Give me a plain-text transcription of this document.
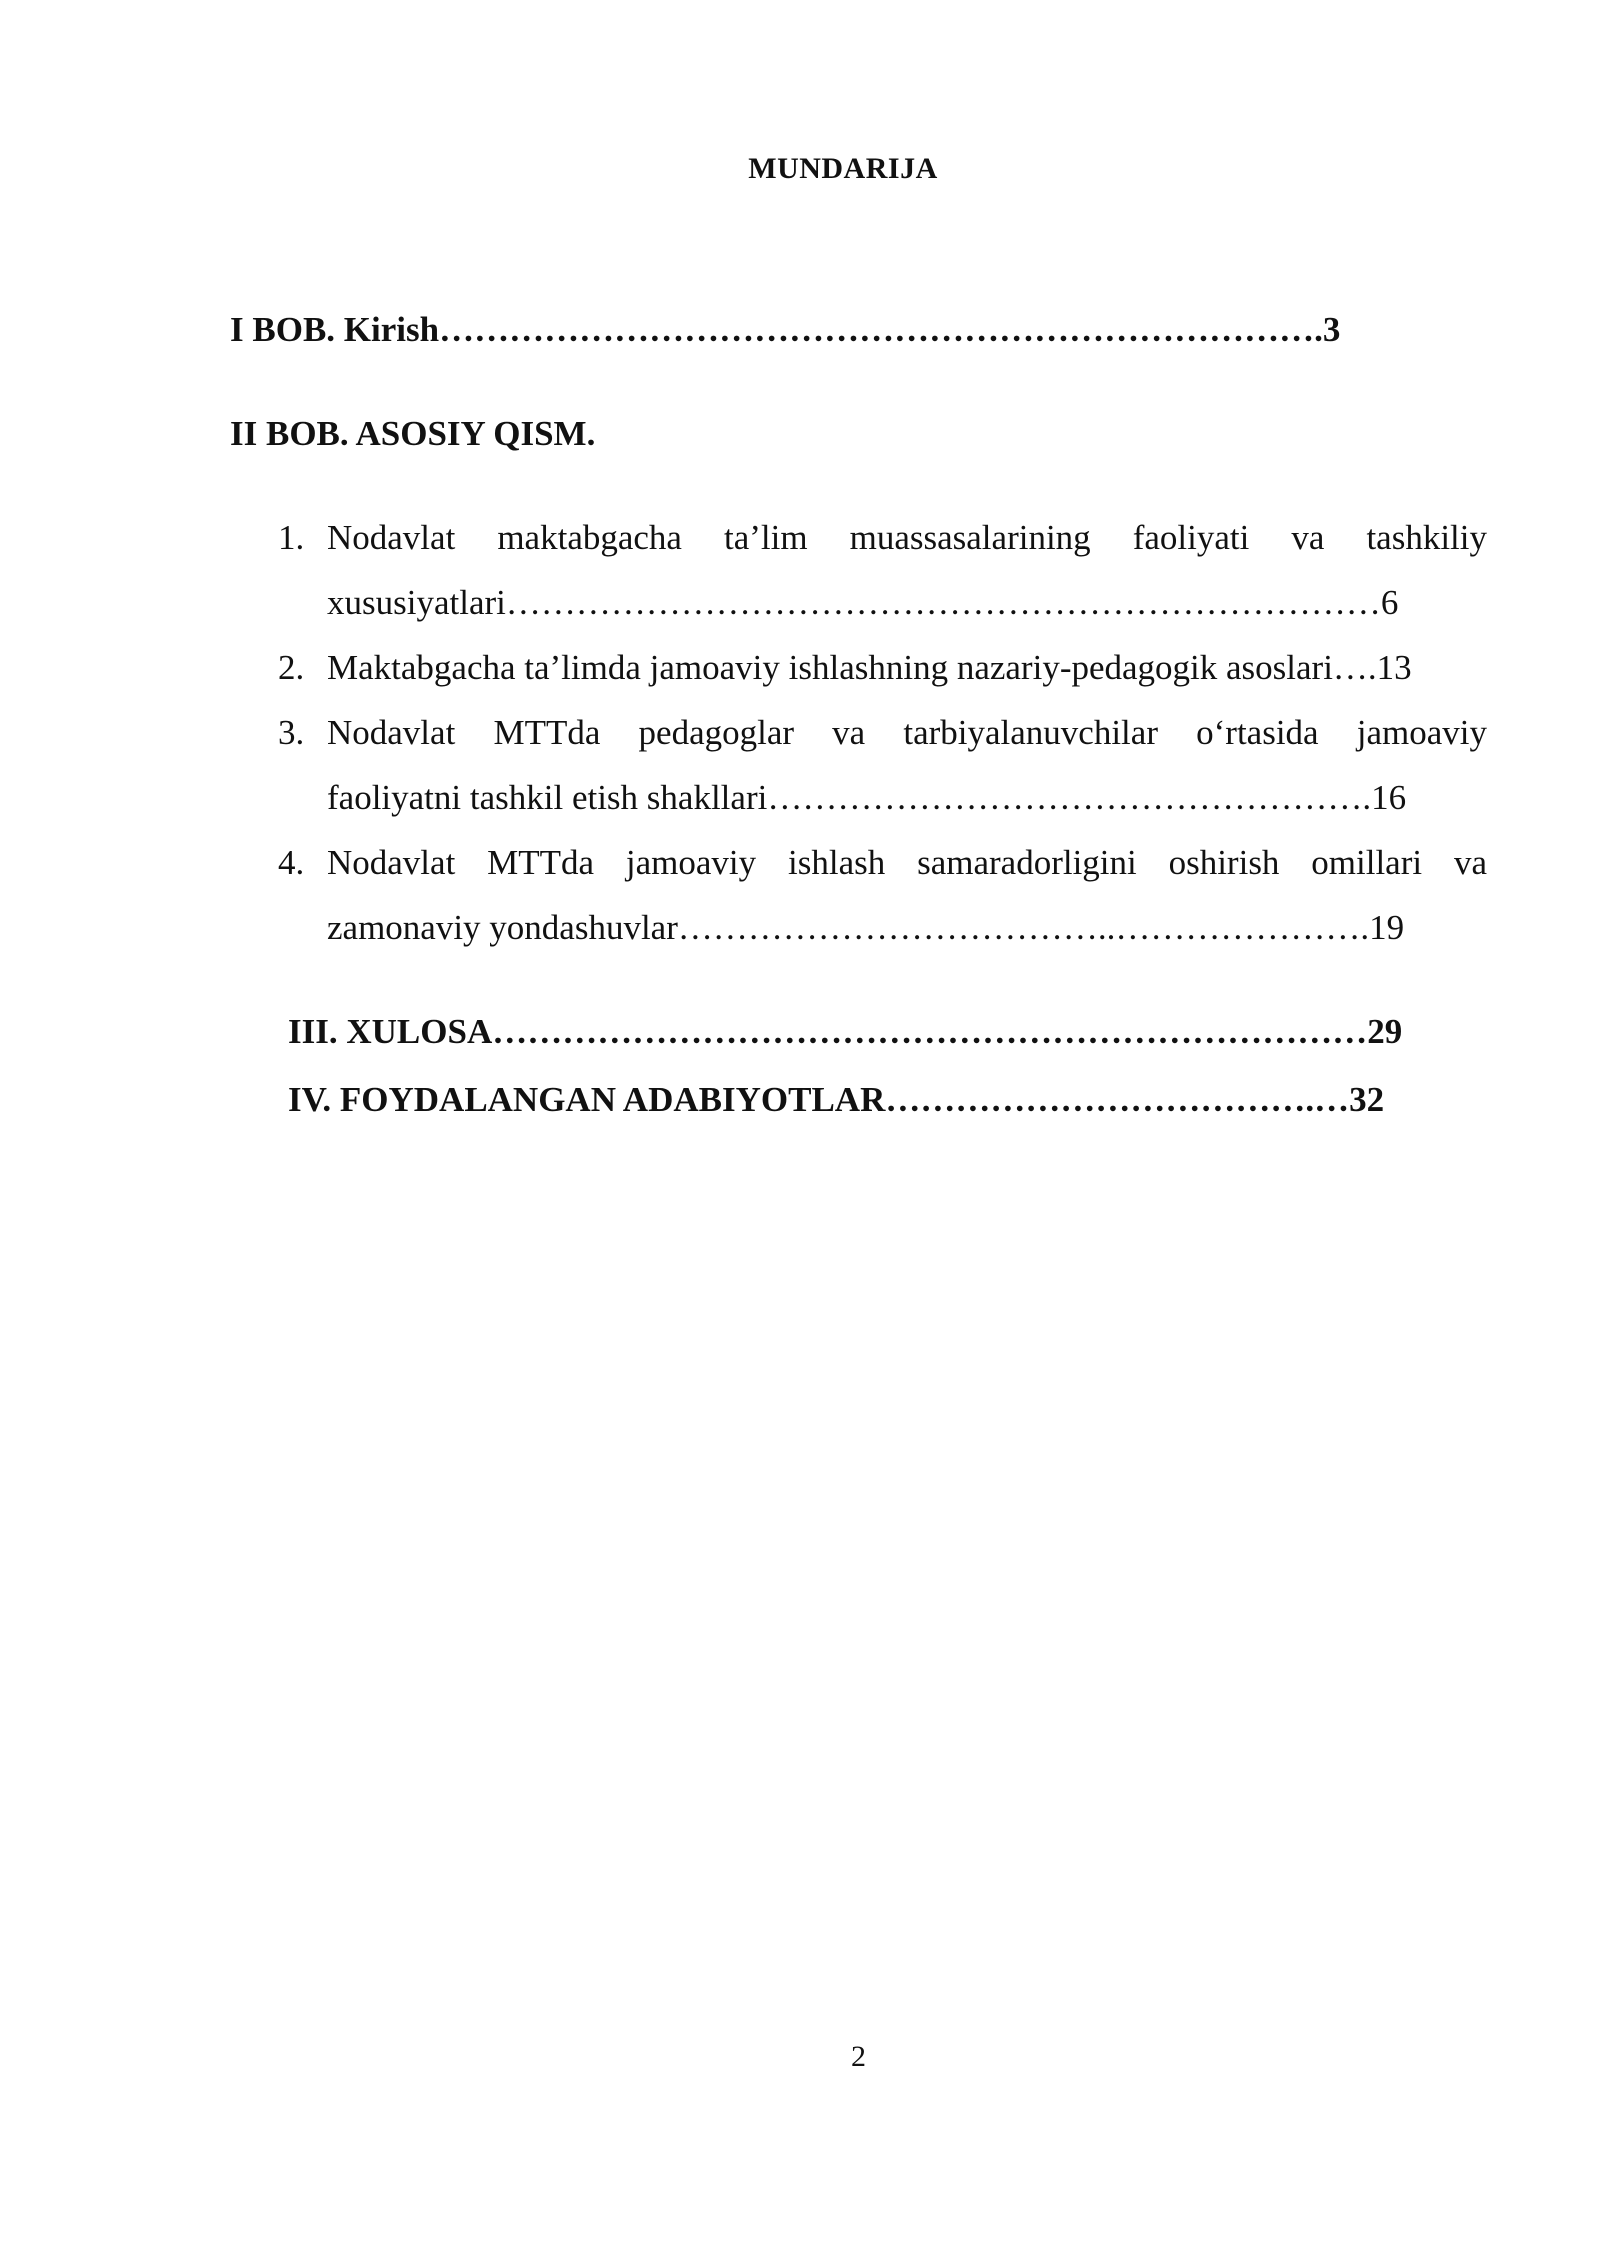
MUNDARIJA
I BOB. Kirish………………………………………………………………….3
II BOB. ASOSIY QISM.
1. Nodavlat maktabgacha ta’lim muassasalarining faoliyati va tashkiliy
xususiyatlari…………………………………………………………………6
2. Maktabgacha ta’limda jamoaviy ishlashning nazariy-pedagogik asoslari….13
3. Nodavlat MTTda pedagoglar va tarbiyalanuvchilar o‘rtasida jamoaviy
faoliyatni tashkil etish shakllari…………………………………………….16
4. Nodavlat MTTda jamoaviy ishlash samaradorligini oshirish omillari va
zamonaviy yondashuvlar………………………………..………………….19
III. XULOSA…………………………………………………………………29
IV. FOYDALANGAN ADABIYOTLAR……………………………….…32
2
